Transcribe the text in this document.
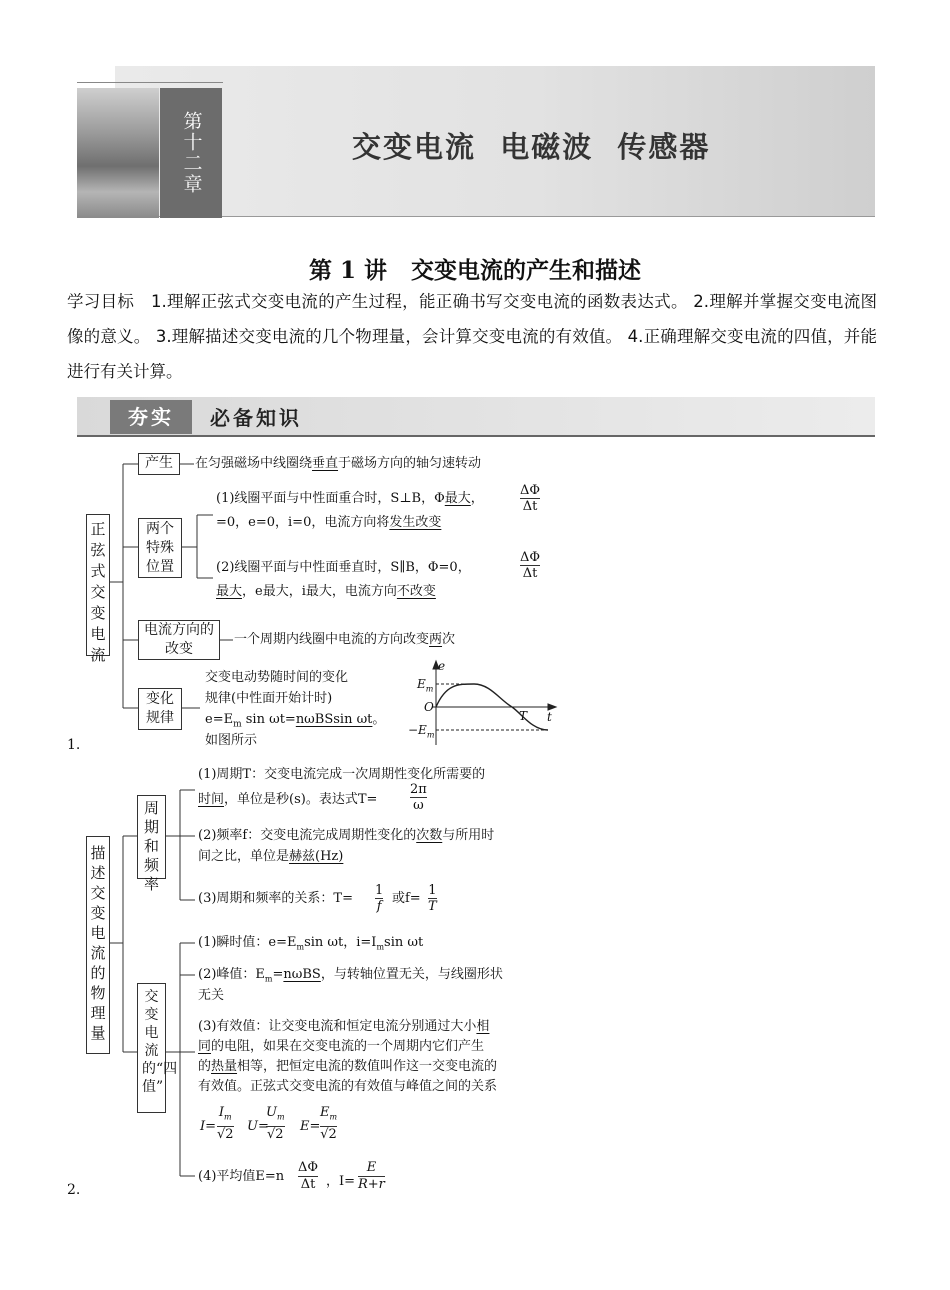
第十二章	交变电流  电磁波  传感器
第 1 讲   交变电流的产生和描述
学习目标　1.理解正弦式交变电流的产生过程，能正确书写交变电流的函数表达式。 2.理解并掌握交变电流图像的意义。 3.理解描述交变电流的几个物理量，会计算交变电流的有效值。 4.正确理解交变电流的四值，并能进行有关计算。
夯实	必备知识
正弦式交变电流
1.
产生	在匀强磁场中线圈绕垂直于磁场方向的轴匀速转动
两个特殊位置
(1)线圈平面与中性面重合时，S⊥B，Φ最大，
ΔΦ
Δt
=0，e=0，i=0，电流方向将发生改变
(2)线圈平面与中性面垂直时，S∥B，Φ=0，
ΔΦ
Δt
最大，e最大，i最大，电流方向不改变
电流方向的改变
一个周期内线圈中电流的方向改变两次
变化规律
交变电动势随时间的变化
规律(中性面开始计时)
$e=E_m$ sin ωt=nωBSsin ωt。
如图所示
e
t
O
T
$E_m$
$-E_m$
描述交变电流的物理量
2.
周期和频率
(1)周期T：交变电流完成一次周期性变化所需要的
时间，单位是秒(s)。表达式T=
2π
ω
(2)频率f：交变电流完成周期性变化的次数与所用时
间之比，单位是赫兹(Hz)
(3)周期和频率的关系：T=
1
f
或f=
1
T
交变电流的“四值”
(1)瞬时值：$e=E_m\sin$ ωt，$i=I_m\sin$ ωt
(2)峰值：$E_m=n\omega BS$，与转轴位置无关，与线圈形状
无关
(3)有效值：让交变电流和恒定电流分别通过大小相
同的电阻，如果在交变电流的一个周期内它们产生
的热量相等，把恒定电流的数值叫作这一交变电流的
有效值。正弦式交变电流的有效值与峰值之间的关系
I=
$I_m$
√2
U=
$U_m$
√2
E=
$E_m$
√2
(4)平均值E=n
ΔΦ
Δt ，I=
E
R+r
